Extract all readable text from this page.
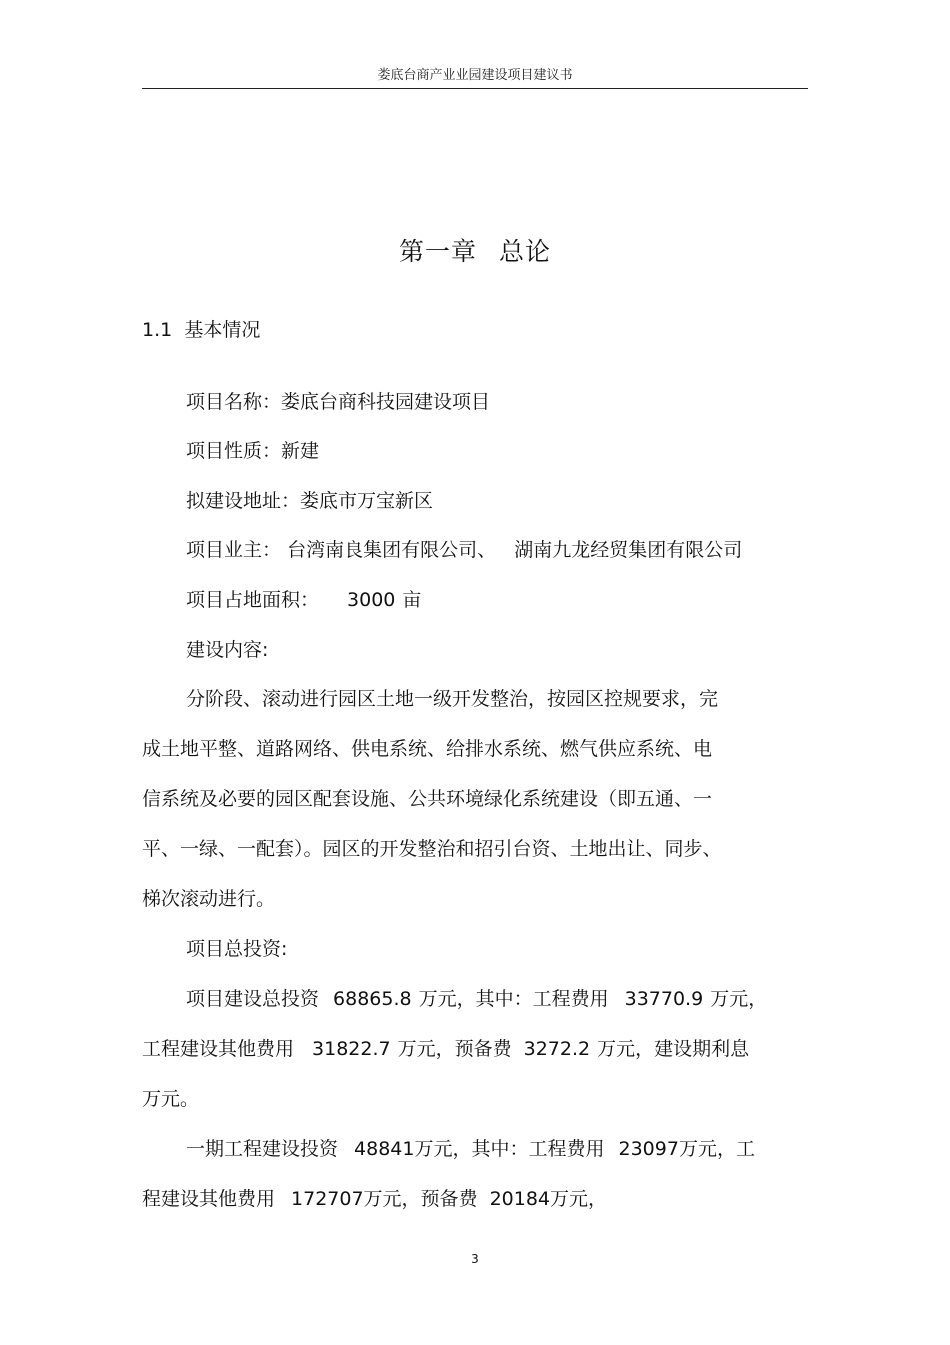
娄底台商产业业园建设项目建议书
第一章 总论
1.1 基本情况
项目名称：娄底台商科技园建设项目
项目性质：新建
拟建设地址：娄底市万宝新区
项目业主： 台湾南良集团有限公司、 湖南九龙经贸集团有限公司
项目占地面积： 3000 亩
建设内容:
分阶段、滚动进行园区土地一级开发整治，按园区控规要求，完
成土地平整、道路网络、供电系统、给排水系统、燃气供应系统、电
信系统及必要的园区配套设施、公共环境绿化系统建设（即五通、一
平、一绿、一配套）。园区的开发整治和招引台资、土地出让、同步、
梯次滚动进行。
项目总投资:
项目建设总投资 68865.8 万元，其中：工程费用 33770.9 万元，
工程建设其他费用 31822.7 万元，预备费 3272.2 万元，建设期利息
万元。
一期工程建设投资 48841万元，其中：工程费用 23097万元，工
程建设其他费用 172707万元，预备费 20184万元，
3
